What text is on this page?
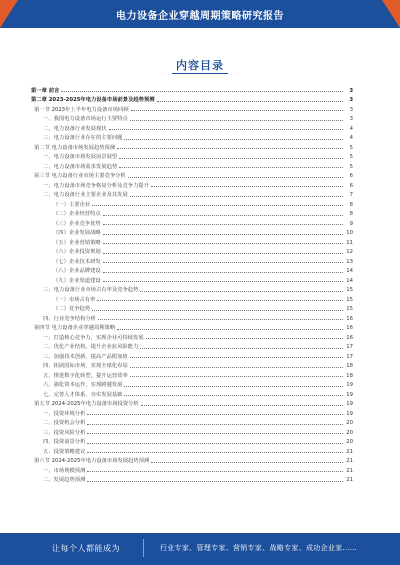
电力设备企业穿越周期策略研究报告
内容目录
第一章 前言	3
第二章 2023-2025年电力设备市场前景及趋势预测	3
第一节 2023年上半年电力设备市场回顾	3
一、我国电力设备市场运行主要特点	3
二、电力设备行业发展现状	4
三、电力设备行业存在的主要问题	4
第二节 电力设备市场发展趋势预测	5
一、电力设备市场发展前景展望	5
二、电力设备市场需求发展趋势	5
第三节 电力设备行业市场主要竞争分析	6
一、电力设备市场竞争格局分析及竞争力提升	6
二、电力设备行业主要企业及其发展	7
（一）主要企业	8
（二）企业经营特点	8
（三）企业竞争优势	9
（四）企业发展战略	10
（五）企业营销策略	11
（六）企业投资规划	12
（七）企业技术研发	13
（八）企业品牌建设	14
（九）企业渠道建设	14
三、电力设备行业市场占有率及竞争趋势	15
（一）市场占有率	15
（二）竞争趋势	15
四、行业竞争结构分析	16
第四节 电力设备企业穿越周期策略	16
一、打造核心竞争力，实现企业可持续发展	16
二、优化产业结构，提升企业抗风险能力	17
三、加强技术创新，提高产品附加值	17
四、拓展国际市场，实现全球化布局	18
五、推进数字化转型，提升运营效率	18
六、强化资本运作，实现跨越发展	19
七、完善人才体系，夯实发展基础	19
第五节 2024-2025年电力设备市场投资分析	19
一、投资环境分析	19
二、投资机会分析	20
三、投资风险分析	20
四、投资前景分析	20
五、投资策略建议	21
第六节 2024-2025年电力设备市场发展趋势预测	21
一、市场规模预测	21
二、发展趋势预测	21
让每个人都能成为	行业专家、管理专家、营销专家、战略专家、成功企业家……
